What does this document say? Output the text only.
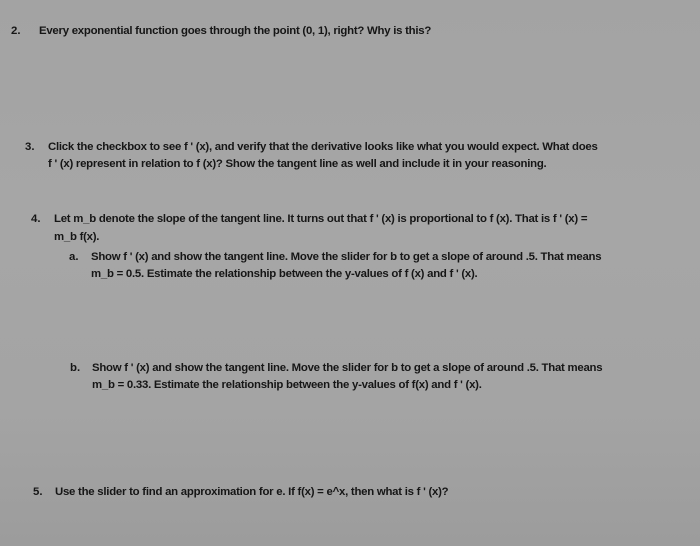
2. Every exponential function goes through the point (0, 1), right? Why is this?
3. Click the checkbox to see f ' (x), and verify that the derivative looks like what you would expect. What does
f ' (x) represent in relation to f (x)? Show the tangent line as well and include it in your reasoning.
4. Let m_b denote the slope of the tangent line. It turns out that f ' (x) is proportional to f (x). That is f ' (x) =
m_b f(x).
a. Show f ' (x) and show the tangent line. Move the slider for b to get a slope of around .5. That means
m_b = 0.5. Estimate the relationship between the y-values of f (x) and f ' (x).
b. Show f ' (x) and show the tangent line. Move the slider for b to get a slope of around .5. That means
m_b = 0.33. Estimate the relationship between the y-values of f(x) and f ' (x).
5. Use the slider to find an approximation for e. If f(x) = e^x, then what is f ' (x)?
